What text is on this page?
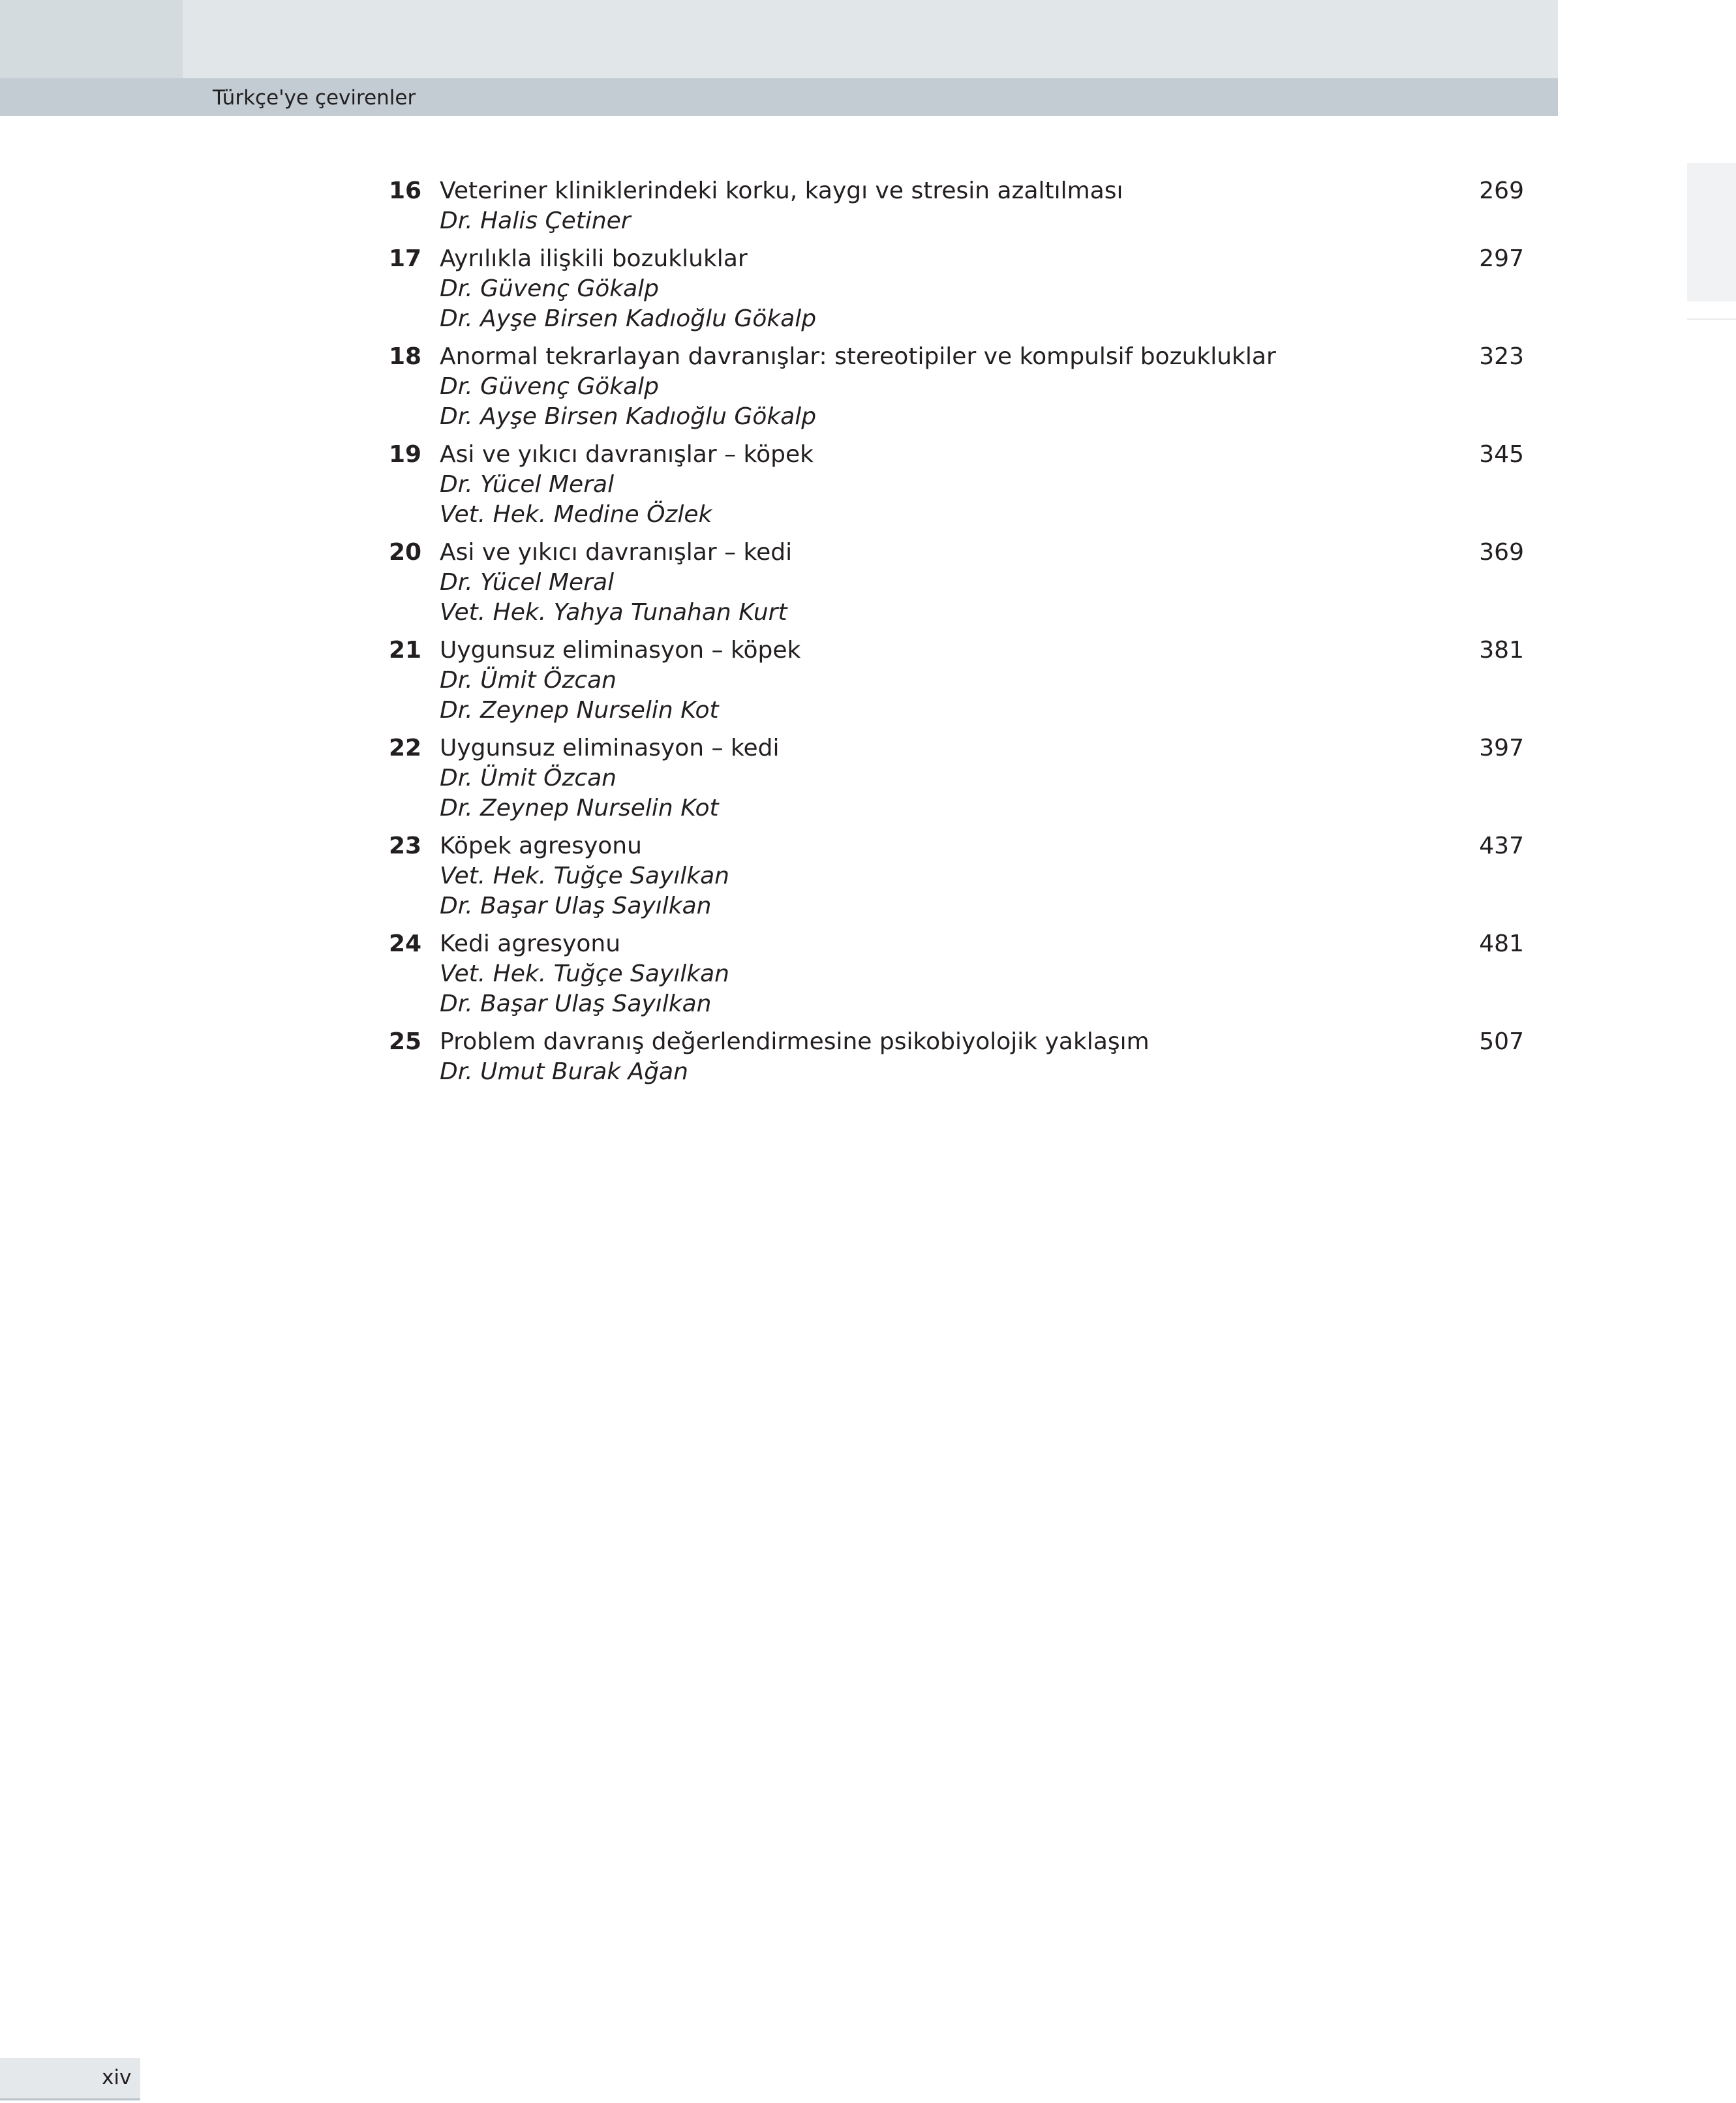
Türkçe'ye çevirenler
16 Veteriner kliniklerindeki korku, kaygı ve stresin azaltılması	269
Dr. Halis Çetiner
17 Ayrılıkla ilişkili bozukluklar	297
Dr. Güvenç Gökalp
Dr. Ayşe Birsen Kadıoğlu Gökalp
18 Anormal tekrarlayan davranışlar: stereotipiler ve kompulsif bozukluklar	323
Dr. Güvenç Gökalp
Dr. Ayşe Birsen Kadıoğlu Gökalp
19 Asi ve yıkıcı davranışlar – köpek	345
Dr. Yücel Meral
Vet. Hek. Medine Özlek
20 Asi ve yıkıcı davranışlar – kedi	369
Dr. Yücel Meral
Vet. Hek. Yahya Tunahan Kurt
21 Uygunsuz eliminasyon – köpek	381
Dr. Ümit Özcan
Dr. Zeynep Nurselin Kot
22 Uygunsuz eliminasyon – kedi	397
Dr. Ümit Özcan
Dr. Zeynep Nurselin Kot
23 Köpek agresyonu	437
Vet. Hek. Tuğçe Sayılkan
Dr. Başar Ulaş Sayılkan
24 Kedi agresyonu	481
Vet. Hek. Tuğçe Sayılkan
Dr. Başar Ulaş Sayılkan
25 Problem davranış değerlendirmesine psikobiyolojik yaklaşım	507
Dr. Umut Burak Ağan
xiv
